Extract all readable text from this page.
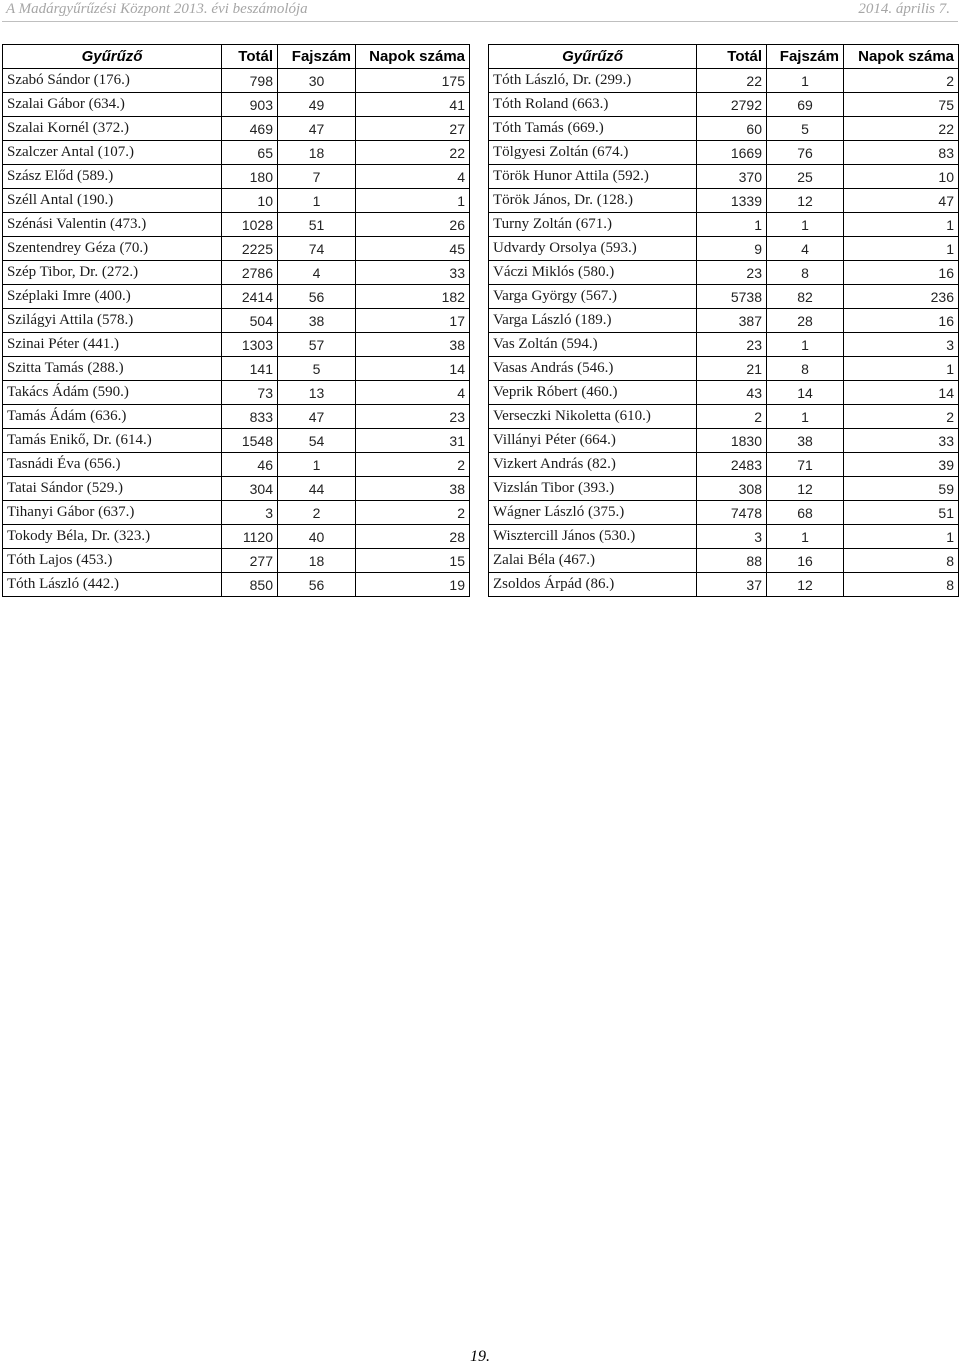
A Madárgyűrűzési Központ 2013. évi beszámolója	2014. április 7.
Gyűrűző	Totál	Fajszám	Napok száma
Szabó Sándor (176.)	798	30	175
Szalai Gábor (634.)	903	49	41
Szalai Kornél (372.)	469	47	27
Szalczer Antal (107.)	65	18	22
Szász Előd (589.)	180	7	4
Széll Antal (190.)	10	1	1
Szénási Valentin (473.)	1028	51	26
Szentendrey Géza (70.)	2225	74	45
Szép Tibor, Dr. (272.)	2786	4	33
Széplaki Imre (400.)	2414	56	182
Szilágyi Attila (578.)	504	38	17
Szinai Péter (441.)	1303	57	38
Szitta Tamás (288.)	141	5	14
Takács Ádám (590.)	73	13	4
Tamás Ádám (636.)	833	47	23
Tamás Enikő, Dr. (614.)	1548	54	31
Tasnádi Éva (656.)	46	1	2
Tatai Sándor (529.)	304	44	38
Tihanyi Gábor (637.)	3	2	2
Tokody Béla, Dr. (323.)	1120	40	28
Tóth Lajos (453.)	277	18	15
Tóth László (442.)	850	56	19
Gyűrűző	Totál	Fajszám	Napok száma
Tóth László, Dr. (299.)	22	1	2
Tóth Roland (663.)	2792	69	75
Tóth Tamás (669.)	60	5	22
Tölgyesi Zoltán (674.)	1669	76	83
Török Hunor Attila (592.)	370	25	10
Török János, Dr. (128.)	1339	12	47
Turny Zoltán (671.)	1	1	1
Udvardy Orsolya (593.)	9	4	1
Váczi Miklós (580.)	23	8	16
Varga György (567.)	5738	82	236
Varga László (189.)	387	28	16
Vas Zoltán (594.)	23	1	3
Vasas András (546.)	21	8	1
Veprik Róbert (460.)	43	14	14
Verseczki Nikoletta (610.)	2	1	2
Villányi Péter (664.)	1830	38	33
Vizkert András (82.)	2483	71	39
Vizslán Tibor (393.)	308	12	59
Wágner László (375.)	7478	68	51
Wisztercill János (530.)	3	1	1
Zalai Béla (467.)	88	16	8
Zsoldos Árpád (86.)	37	12	8
19.
